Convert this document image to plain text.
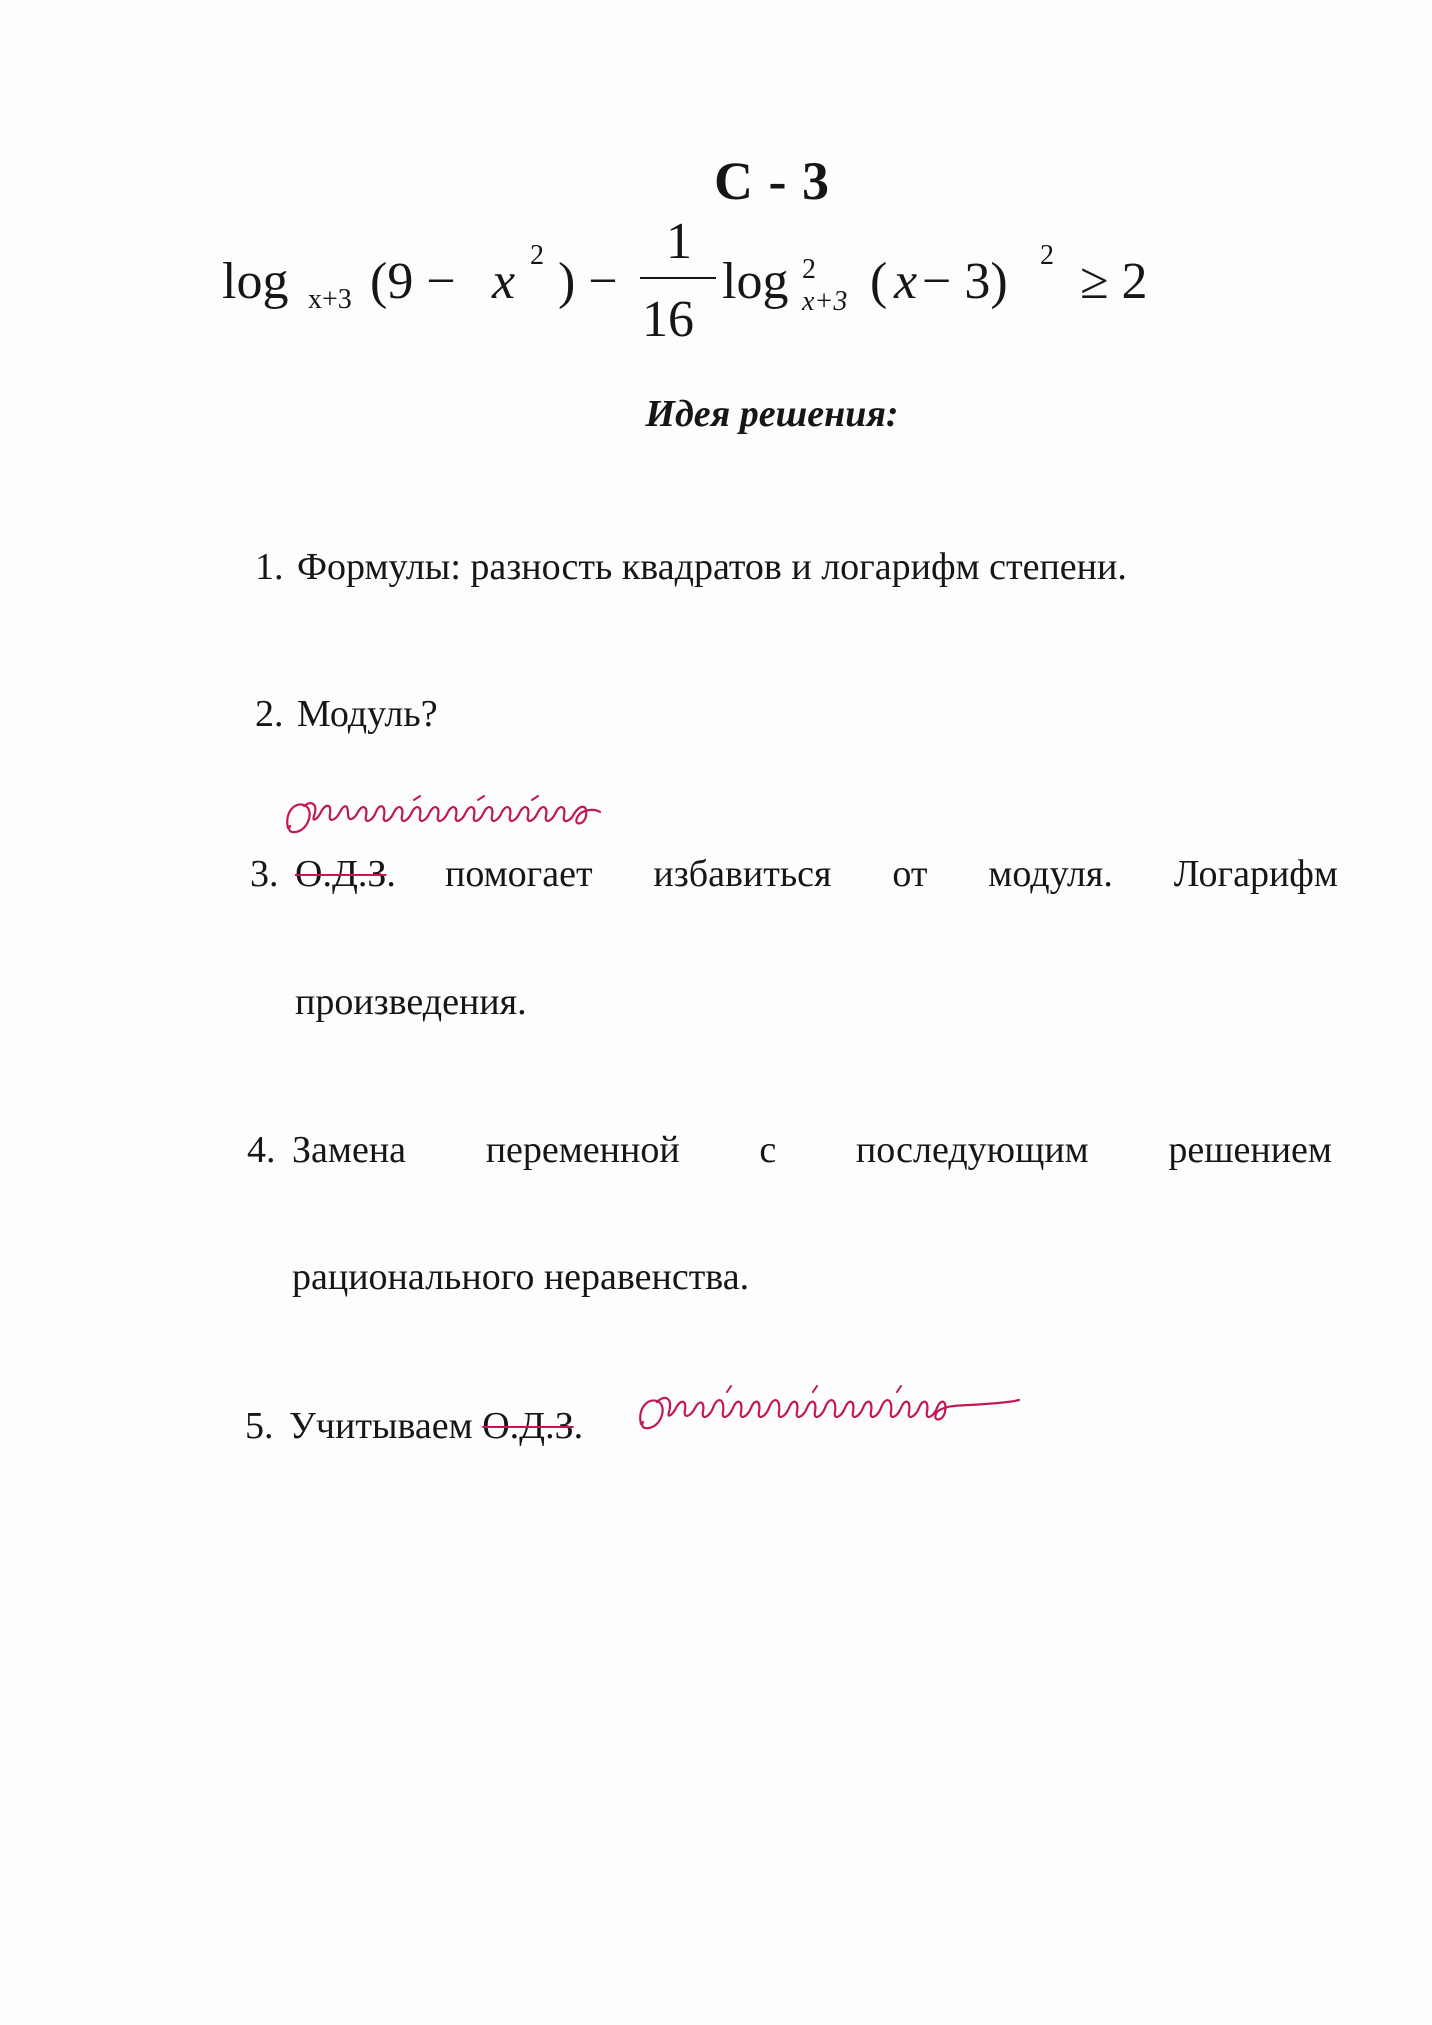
С - 3
log x+3 (9 − x 2 ) −
1
16
log 2
x+3 ( x − 3) 2 ≥ 2
Идея решения:
1. Формулы: разность квадратов и логарифм степени.
2. Модуль?
3. О.Д.З. помогает избавиться от модуля. Логарифм
произведения.
Ограничения
4. Замена переменной с последующим решением
рационального неравенства.
5. Учитываем О.Д.З.
Ограничения
